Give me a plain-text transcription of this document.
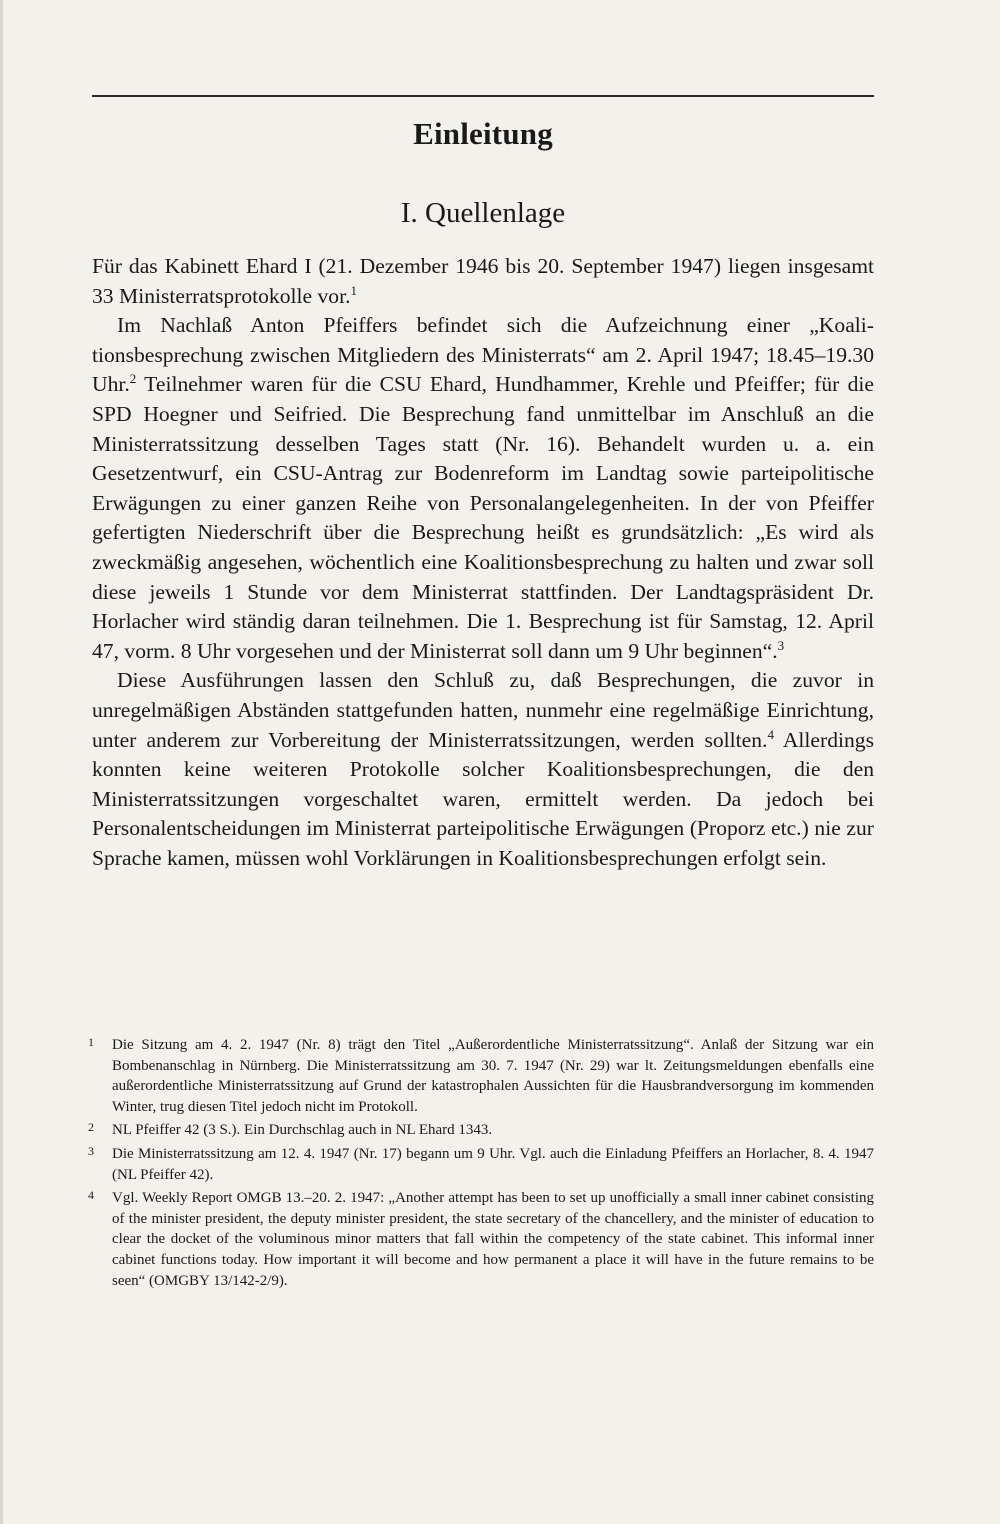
Einleitung
I. Quellenlage

Für das Kabinett Ehard I (21. Dezember 1946 bis 20. September 1947) liegen insgesamt 33 Ministerratsprotokolle vor.$^1$

Im Nachlaß Anton Pfeiffers befindet sich die Aufzeichnung einer „Koalitionsbesprechung zwischen Mitgliedern des Ministerrats“ am 2. April 1947; 18.45–19.30 Uhr.$^2$ Teilnehmer waren für die CSU Ehard, Hundhammer, Krehle und Pfeiffer; für die SPD Hoegner und Seifried. Die Besprechung fand unmittelbar im Anschluß an die Ministerratssitzung desselben Tages statt (Nr. 16). Behandelt wurden u. a. ein Gesetzentwurf, ein CSU-Antrag zur Bodenreform im Landtag sowie parteipolitische Erwägungen zu einer ganzen Reihe von Personalangelegenheiten. In der von Pfeiffer gefertigten Niederschrift über die Besprechung heißt es grundsätzlich: „Es wird als zweckmäßig angesehen, wöchentlich eine Koalitionsbesprechung zu halten und zwar soll diese jeweils 1 Stunde vor dem Ministerrat stattfinden. Der Landtagspräsident Dr. Horlacher wird ständig daran teilnehmen. Die 1. Besprechung ist für Samstag, 12. April 47, vorm. 8 Uhr vorgesehen und der Ministerrat soll dann um 9 Uhr beginnen“.$^3$

Diese Ausführungen lassen den Schluß zu, daß Besprechungen, die zuvor in unregelmäßigen Abständen stattgefunden hatten, nunmehr eine regelmäßige Einrichtung, unter anderem zur Vorbereitung der Ministerratssitzungen, werden sollten.$^4$ Allerdings konnten keine weiteren Protokolle solcher Koalitionsbesprechungen, die den Ministerratssitzungen vorgeschaltet waren, ermittelt werden. Da jedoch bei Personalentscheidungen im Ministerrat parteipolitische Erwägungen (Proporz etc.) nie zur Sprache kamen, müssen wohl Vorklärungen in Koalitionsbesprechungen erfolgt sein.

1 Die Sitzung am 4. 2. 1947 (Nr. 8) trägt den Titel „Außerordentliche Ministerratssitzung“. Anlaß der Sitzung war ein Bombenanschlag in Nürnberg. Die Ministerratssitzung am 30. 7. 1947 (Nr. 29) war lt. Zeitungsmeldungen ebenfalls eine außerordentliche Ministerratssitzung auf Grund der katastrophalen Aussichten für die Hausbrandversorgung im kommenden Winter, trug diesen Titel jedoch nicht im Protokoll.
2 NL Pfeiffer 42 (3 S.). Ein Durchschlag auch in NL Ehard 1343.
3 Die Ministerratssitzung am 12. 4. 1947 (Nr. 17) begann um 9 Uhr. Vgl. auch die Einladung Pfeiffers an Horlacher, 8. 4. 1947 (NL Pfeiffer 42).
4 Vgl. Weekly Report OMGB 13.–20. 2. 1947: „Another attempt has been to set up unofficially a small inner cabinet consisting of the minister president, the deputy minister president, the state secretary of the chancellery, and the minister of education to clear the docket of the voluminous minor matters that fall within the competency of the state cabinet. This informal inner cabinet functions today. How important it will become and how permanent a place it will have in the future remains to be seen“ (OMGBY 13/142-2/9).
